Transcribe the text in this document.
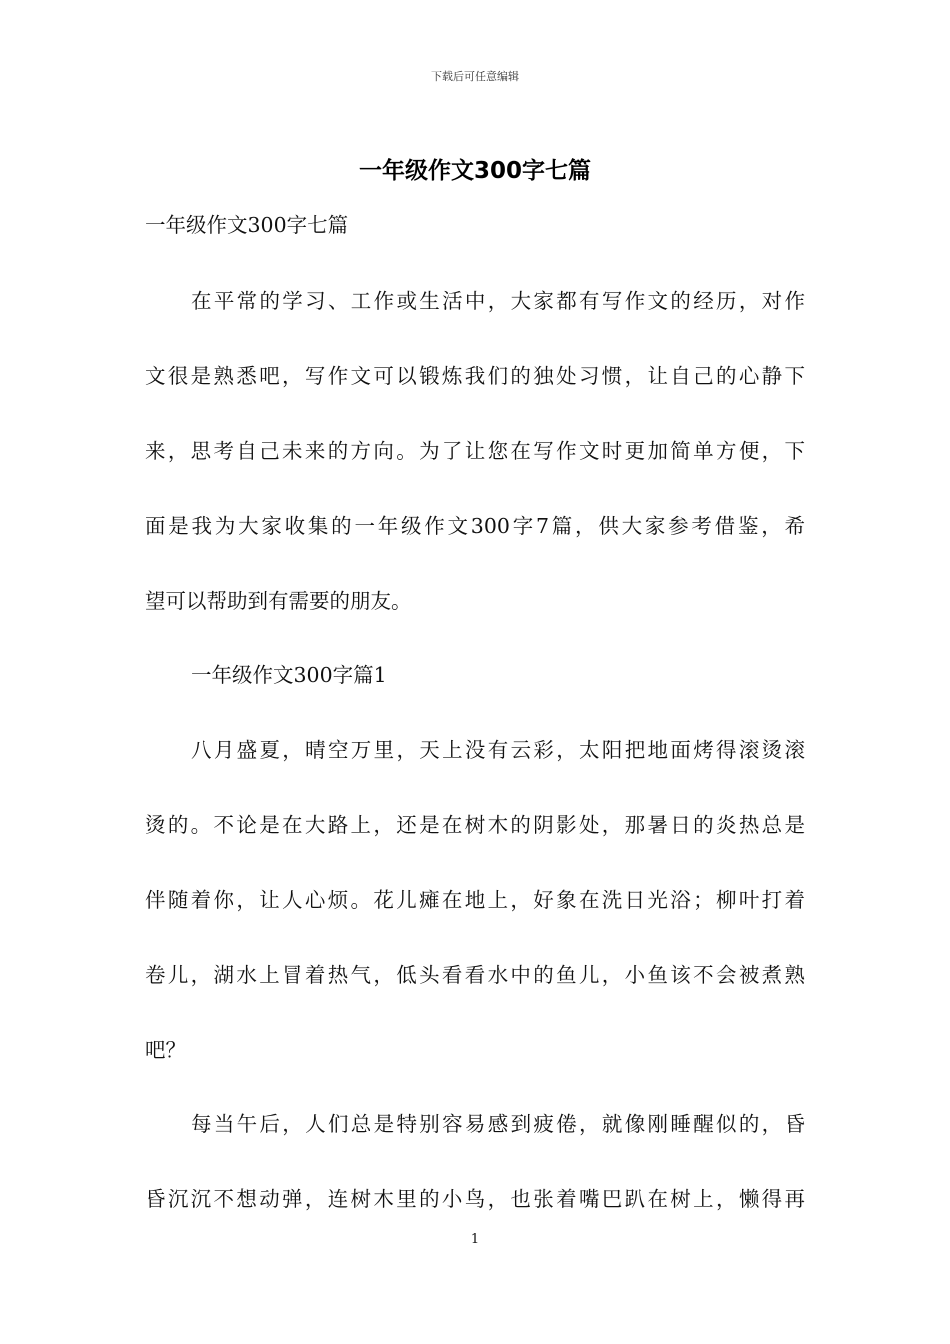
下载后可任意编辑
一年级作文300字七篇
一年级作文300字七篇
在平常的学习、工作或生活中，大家都有写作文的经历，对作
文很是熟悉吧，写作文可以锻炼我们的独处习惯，让自己的心静下
来，思考自己未来的方向。为了让您在写作文时更加简单方便，下
面是我为大家收集的一年级作文300字7篇，供大家参考借鉴，希
望可以帮助到有需要的朋友。
一年级作文300字篇1
八月盛夏，晴空万里，天上没有云彩，太阳把地面烤得滚烫滚
烫的。不论是在大路上，还是在树木的阴影处，那暑日的炎热总是
伴随着你，让人心烦。花儿瘫在地上，好象在洗日光浴；柳叶打着
卷儿，湖水上冒着热气，低头看看水中的鱼儿，小鱼该不会被煮熟
吧？
每当午后，人们总是特别容易感到疲倦，就像刚睡醒似的，昏
昏沉沉不想动弹，连树木里的小鸟，也张着嘴巴趴在树上，懒得再
1
